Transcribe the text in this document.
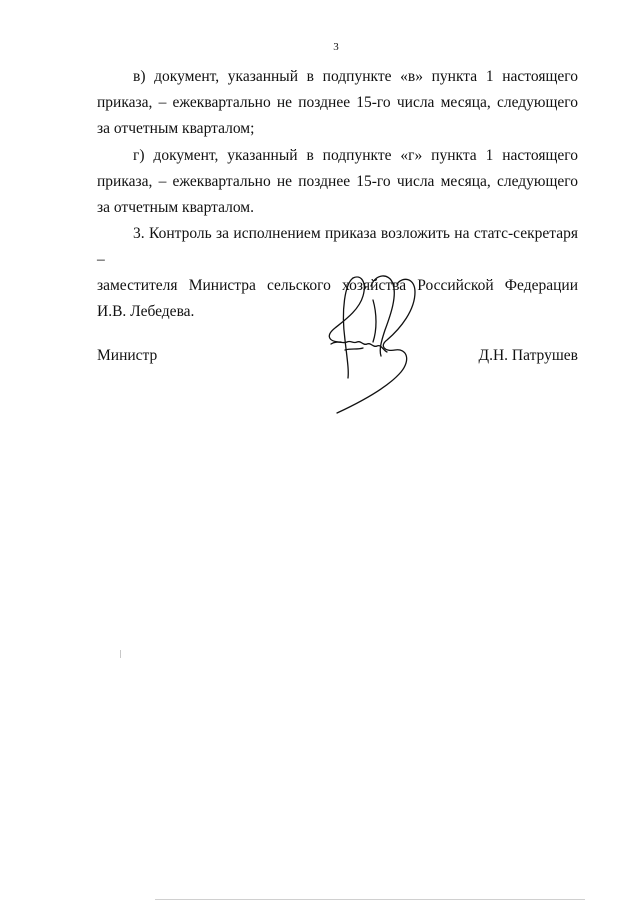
3
в) документ, указанный в подпункте «в» пункта 1 настоящего
приказа, – ежеквартально не позднее 15-го числа месяца, следующего
за отчетным кварталом;
г) документ, указанный в подпункте «г» пункта 1 настоящего
приказа, – ежеквартально не позднее 15-го числа месяца, следующего
за отчетным кварталом.
3. Контроль за исполнением приказа возложить на статс-секретаря –
заместителя Министра сельского хозяйства Российской Федерации
И.В. Лебедева.
Министр	Д.Н. Патрушев
